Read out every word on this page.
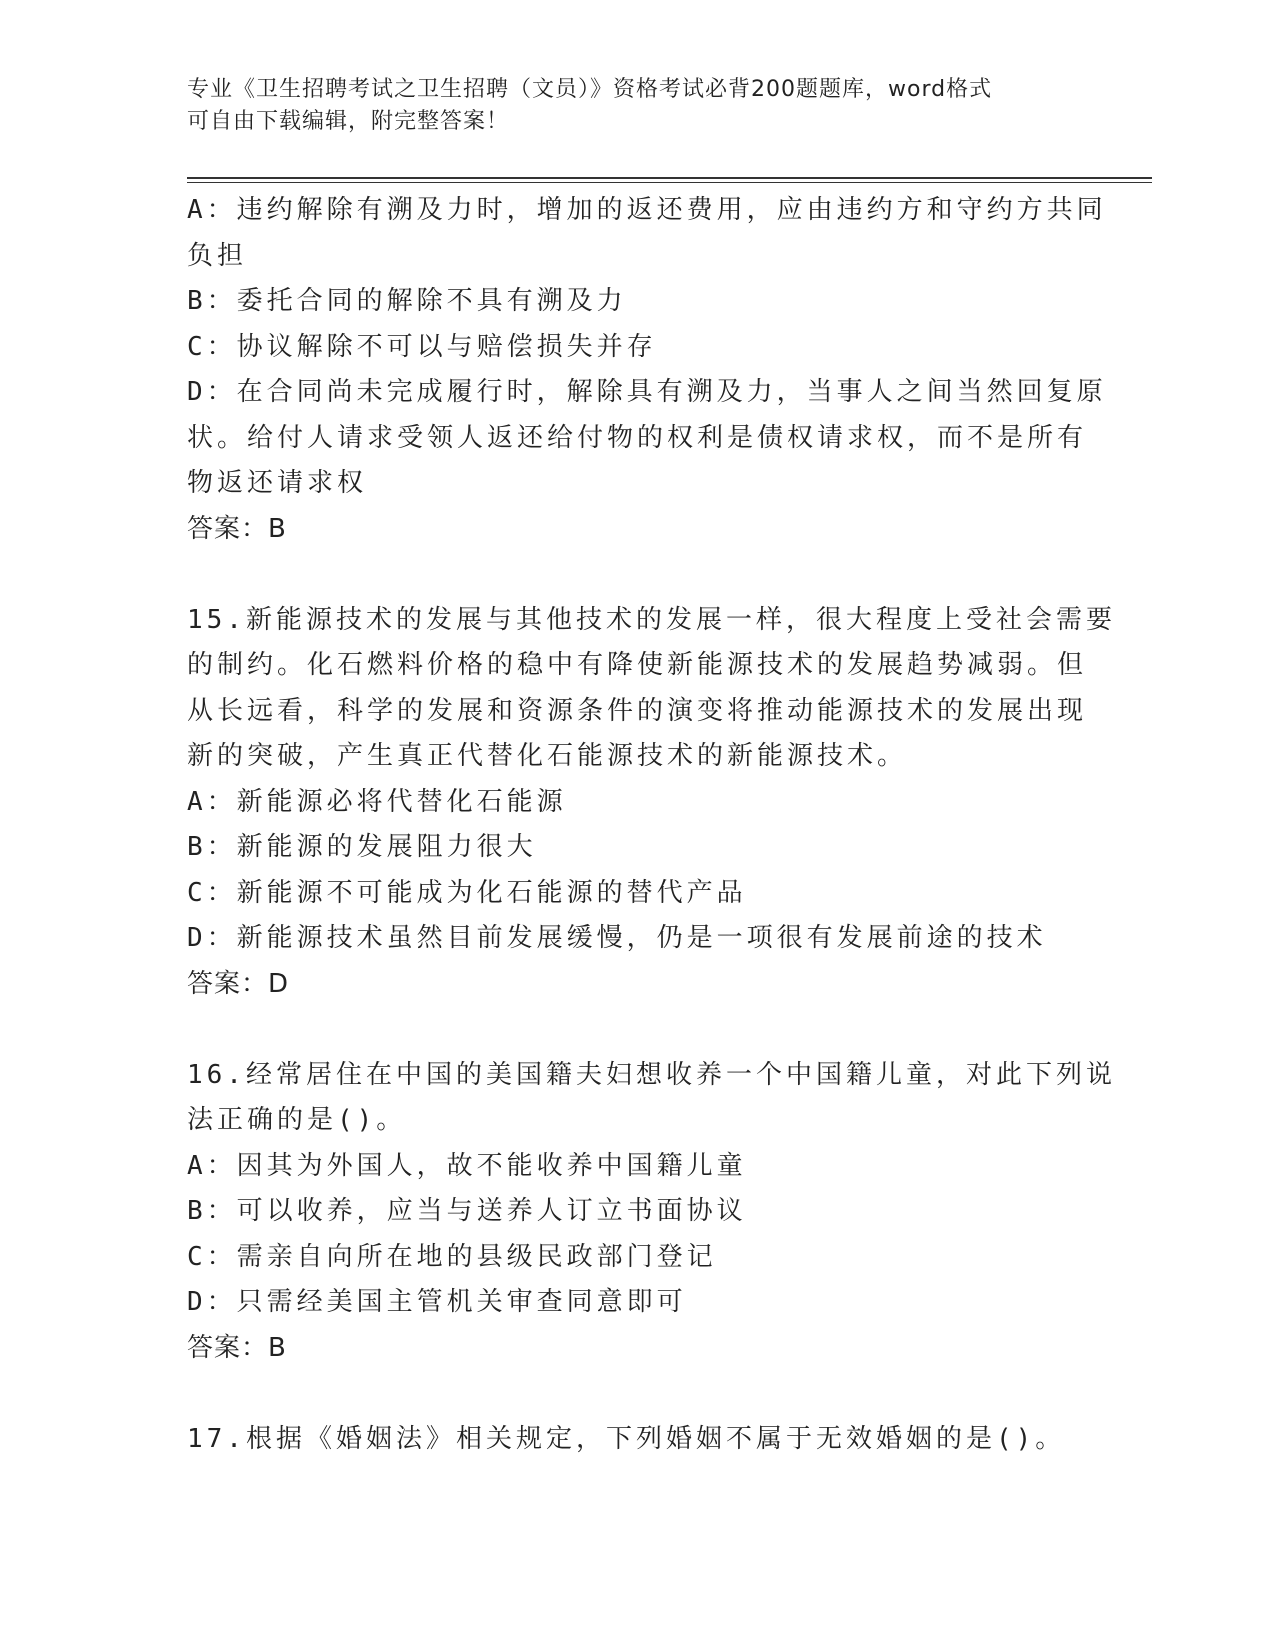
专业《卫生招聘考试之卫生招聘（文员）》资格考试必背200题题库，word格式
可自由下载编辑，附完整答案！
A：违约解除有溯及力时，增加的返还费用，应由违约方和守约方共同
负担
B：委托合同的解除不具有溯及力
C：协议解除不可以与赔偿损失并存
D：在合同尚未完成履行时，解除具有溯及力，当事人之间当然回复原
状。给付人请求受领人返还给付物的权利是债权请求权，而不是所有
物返还请求权
答案：B
15.新能源技术的发展与其他技术的发展一样，很大程度上受社会需要
的制约。化石燃料价格的稳中有降使新能源技术的发展趋势减弱。但
从长远看，科学的发展和资源条件的演变将推动能源技术的发展出现
新的突破，产生真正代替化石能源技术的新能源技术。
A：新能源必将代替化石能源
B：新能源的发展阻力很大
C：新能源不可能成为化石能源的替代产品
D：新能源技术虽然目前发展缓慢，仍是一项很有发展前途的技术
答案：D
16.经常居住在中国的美国籍夫妇想收养一个中国籍儿童，对此下列说
法正确的是()。
A：因其为外国人，故不能收养中国籍儿童
B：可以收养，应当与送养人订立书面协议
C：需亲自向所在地的县级民政部门登记
D：只需经美国主管机关审查同意即可
答案：B
17.根据《婚姻法》相关规定，下列婚姻不属于无效婚姻的是()。
